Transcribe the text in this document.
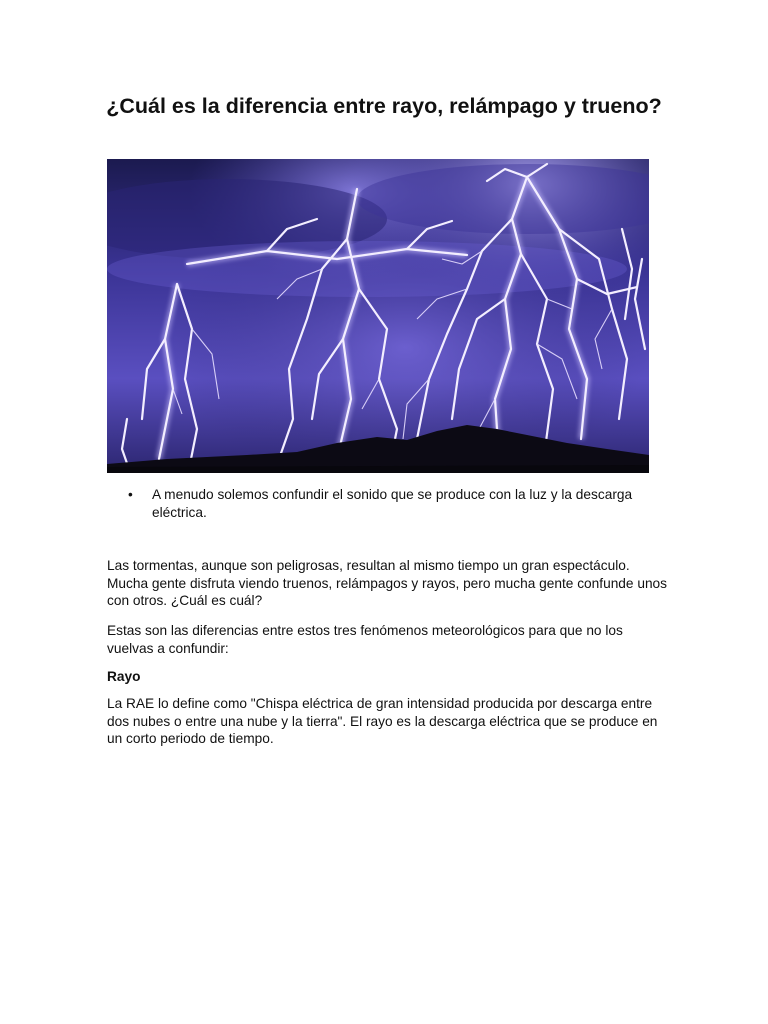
¿Cuál es la diferencia entre rayo, relámpago y trueno?
• A menudo solemos confundir el sonido que se produce con la luz y la descarga eléctrica.

Las tormentas, aunque son peligrosas, resultan al mismo tiempo un gran espectáculo. Mucha gente disfruta viendo truenos, relámpagos y rayos, pero mucha gente confunde unos con otros. ¿Cuál es cuál?

Estas son las diferencias entre estos tres fenómenos meteorológicos para que no los vuelvas a confundir:

Rayo

La RAE lo define como "Chispa eléctrica de gran intensidad producida por descarga entre dos nubes o entre una nube y la tierra". El rayo es la descarga eléctrica que se produce en un corto periodo de tiempo.
